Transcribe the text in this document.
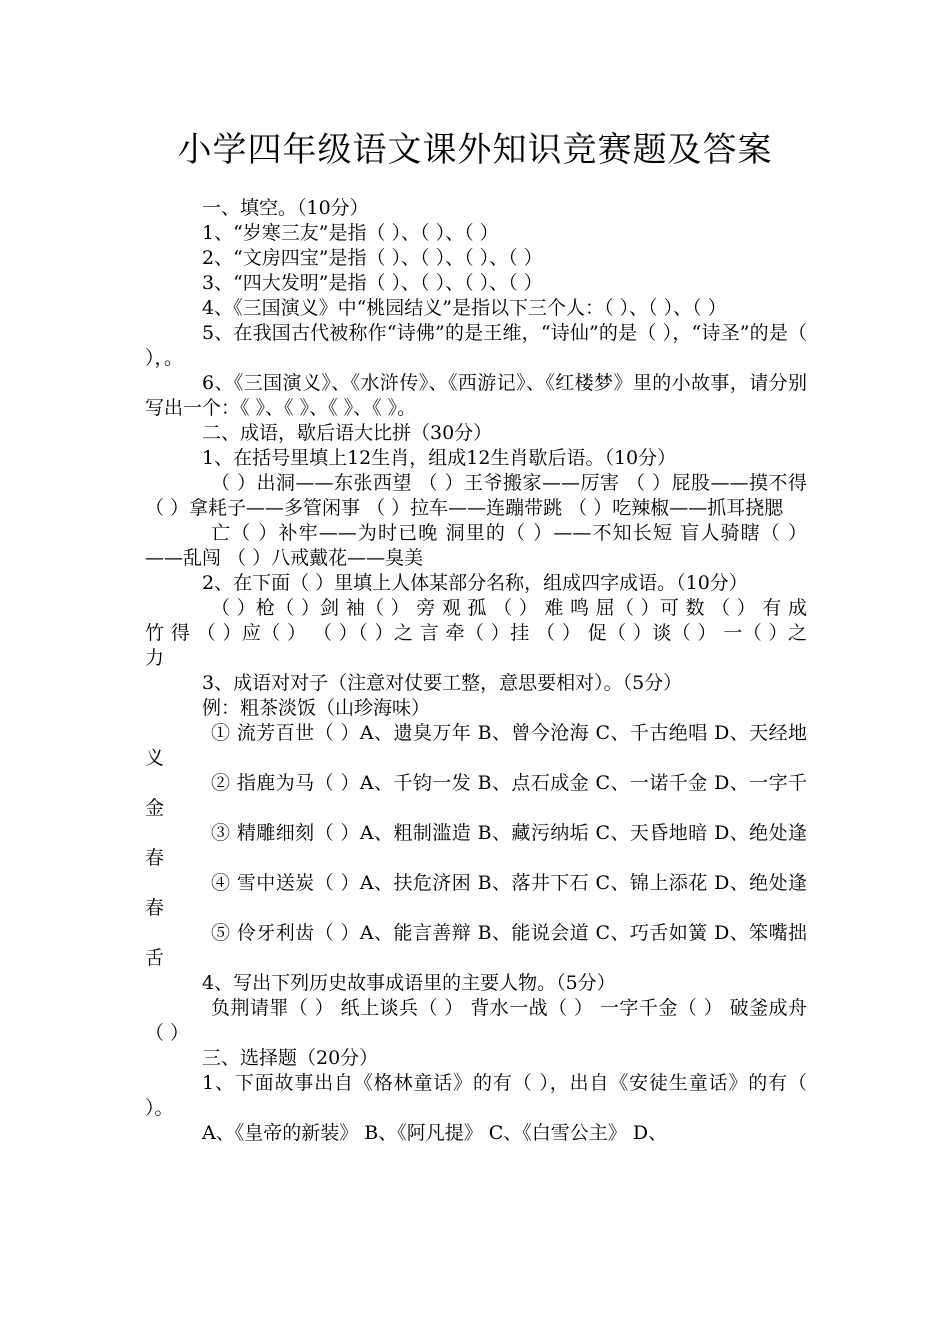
小学四年级语文课外知识竞赛题及答案

一、填空。（10分）

1、“岁寒三友”是指（ ）、（ ）、（ ）

2、“文房四宝”是指（ ）、（ ）、（ ）、（ ）

3、“四大发明”是指（ ）、（ ）、（ ）、（ ）

4、《三国演义》中“桃园结义”是指以下三个人：（ ）、（ ）、（ ）

5、在我国古代被称作“诗佛”的是王维，“诗仙”的是（ ），“诗圣”的是（ ），。

6、《三国演义》、《水浒传》、《西游记》、《红楼梦》里的小故事，请分别写出一个：《 》、《 》、《 》、《 》。

二、成语，歇后语大比拼（30分）

1、在括号里填上12生肖，组成12生肖歇后语。（10分）

（ ）出洞——东张西望 （ ）王爷搬家——厉害 （ ）屁股——摸不得 （ ）拿耗子——多管闲事 （ ）拉车——连蹦带跳 （ ）吃辣椒——抓耳挠腮

亡（ ）补牢——为时已晚 洞里的（ ）——不知长短 盲人骑瞎（ ）——乱闯 （ ）八戒戴花——臭美

2、在下面（ ）里填上人体某部分名称，组成四字成语。（10分）

（ ）枪（ ）剑 袖（ ） 旁 观 孤 （ ） 难 鸣 屈（ ）可 数 （ ） 有 成 竹 得 （ ）应（ ） （ ）（ ）之 言 牵（ ）挂 （ ） 促（ ）谈（ ） 一（ ）之 力

3、成语对对子（注意对仗要工整，意思要相对）。（5分）

例：粗茶淡饭（山珍海味）

① 流芳百世（ ）A、遗臭万年 B、曾今沧海 C、千古绝唱 D、天经地义

② 指鹿为马（ ）A、千钧一发 B、点石成金 C、一诺千金 D、一字千金

③ 精雕细刻（ ）A、粗制滥造 B、藏污纳垢 C、天昏地暗 D、绝处逢春

④ 雪中送炭（ ）A、扶危济困 B、落井下石 C、锦上添花 D、绝处逢春

⑤ 伶牙利齿（ ）A、能言善辩 B、能说会道 C、巧舌如簧 D、笨嘴拙舌

4、写出下列历史故事成语里的主要人物。（5分）

负荆请罪（ ） 纸上谈兵（ ） 背水一战（ ） 一字千金（ ） 破釜成舟（ ）

三、选择题（20分）

1、下面故事出自《格林童话》的有（ ），出自《安徒生童话》的有（ ）。

A、《皇帝的新装》 B、《阿凡提》 C、《白雪公主》 D、
